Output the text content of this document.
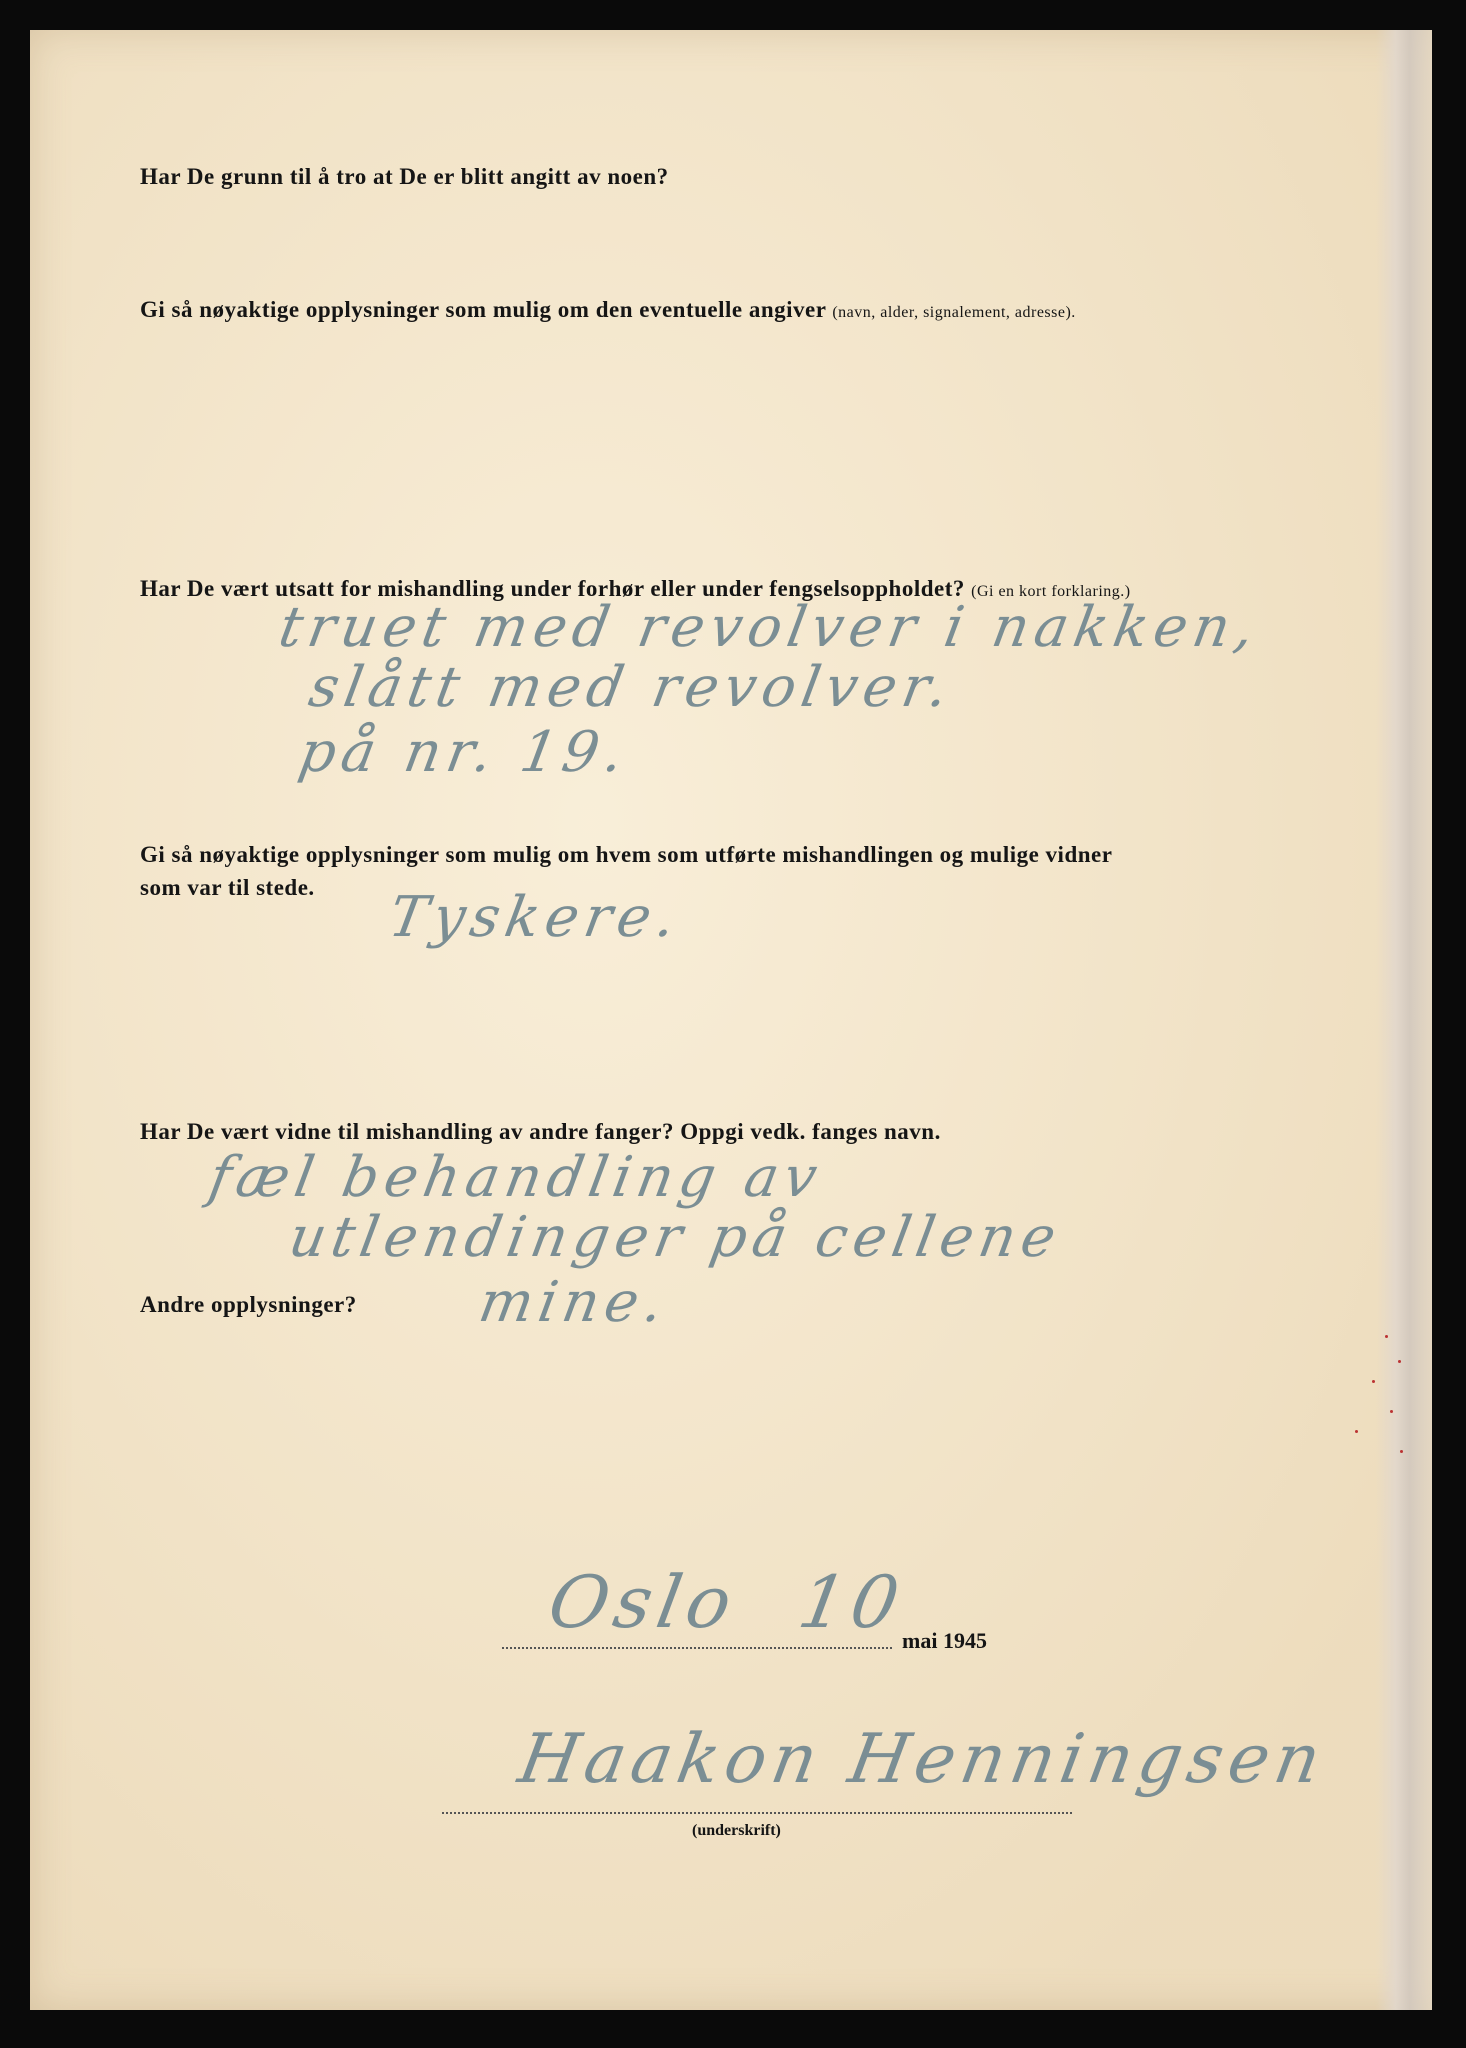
Har De grunn til å tro at De er blitt angitt av noen?
Gi så nøyaktige opplysninger som mulig om den eventuelle angiver (navn, alder, signalement, adresse).
Har De vært utsatt for mishandling under forhør eller under fengselsoppholdet? (Gi en kort forklaring.)
truet med revolver i nakken,
slått med revolver.
på nr. 19.
Gi så nøyaktige opplysninger som mulig om hvem som utførte mishandlingen og mulige vidner
som var til stede.	Tyskere.
Har De vært vidne til mishandling av andre fanger? Oppgi vedk. fanges navn.
fæl behandling av
utlendinger på cellene
mine.
Andre opplysninger?
Oslo 10
mai 1945
Haakon Henningsen
(underskrift)
